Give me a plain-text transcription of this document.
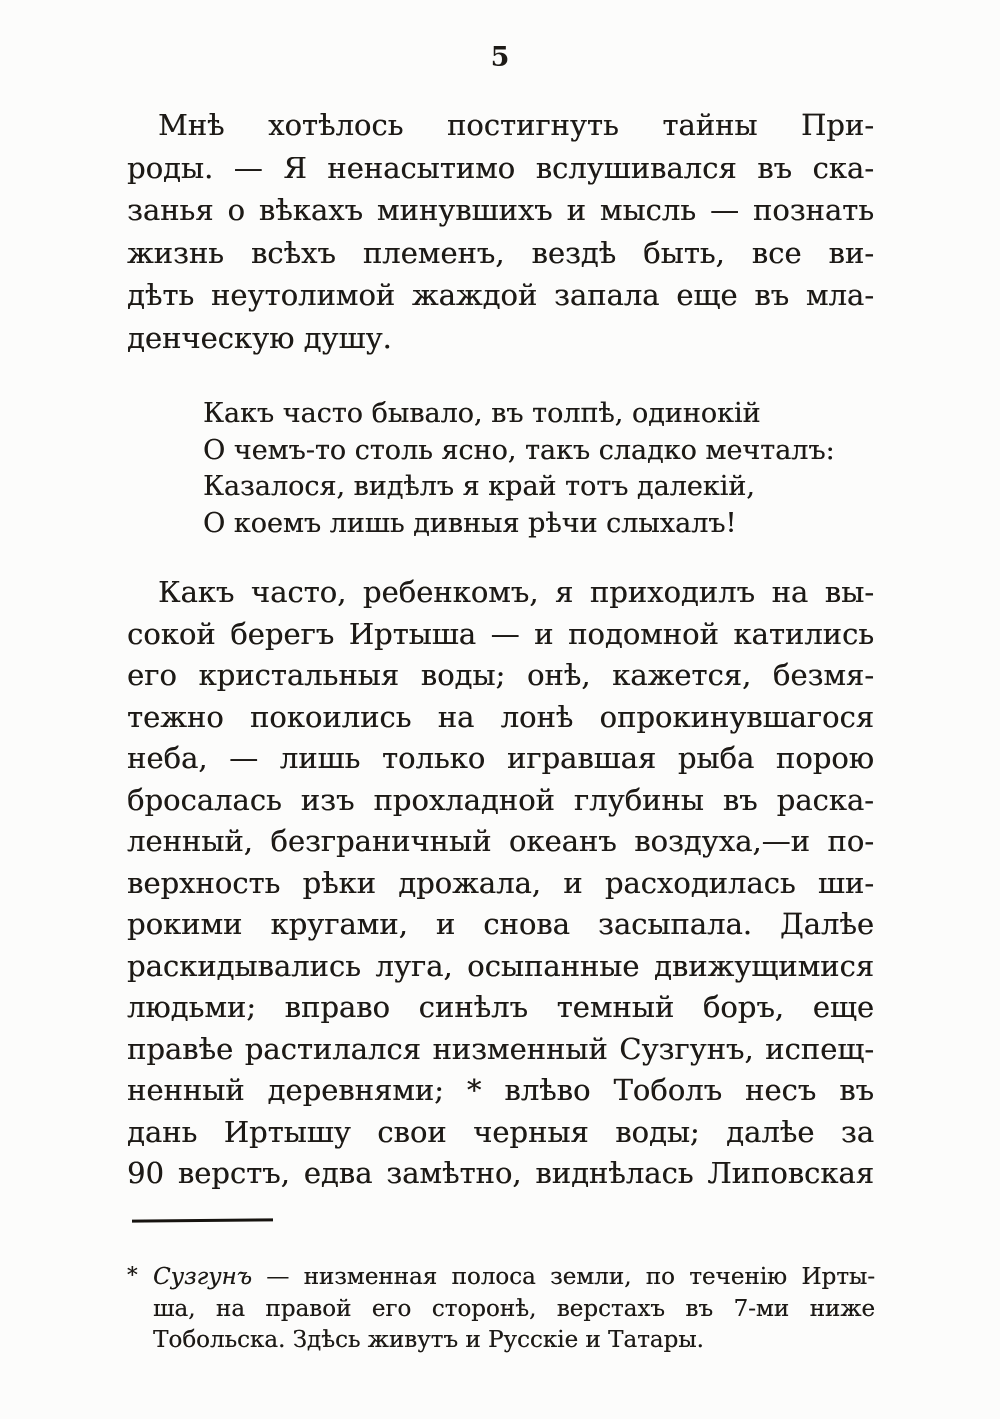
5
Мнѣ хотѣлось постигнуть тайны При-
роды. — Я ненасытимо вслушивался въ ска-
занья о вѣкахъ минувшихъ и мысль — познать
жизнь всѣхъ племенъ, вездѣ быть, все ви-
дѣть неутолимой жаждой запала еще въ мла-
денческую душу.
Какъ часто бывало, въ толпѣ, одинокій
О чемъ-то столь ясно, такъ сладко мечталъ:
Казалося, видѣлъ я край тотъ далекій,
О коемъ лишь дивныя рѣчи слыхалъ!
Какъ часто, ребенкомъ, я приходилъ на вы-
сокой берегъ Иртыша — и подомной катились
его кристальныя воды; онѣ, кажется, безмя-
тежно покоились на лонѣ опрокинувшагося
неба, — лишь только игравшая рыба порою
бросалась изъ прохладной глубины въ раска-
ленный, безграничный океанъ воздуха,—и по-
верхность рѣки дрожала, и расходилась ши-
рокими кругами, и снова засыпала. Далѣе
раскидывались луга, осыпанные движущимися
людьми; вправо синѣлъ темный боръ, еще
правѣе растилался низменный Сузгунъ, испещ-
ненный деревнями; * влѣво Тоболъ несъ въ
дань Иртышу свои черныя воды; далѣе за
90 верстъ, едва замѣтно, виднѣлась Липовская
* Сузгунъ — низменная полоса земли, по теченію Ирты-
ша, на правой его сторонѣ, верстахъ въ 7-ми ниже
Тобольска. Здѣсь живутъ и Русскіе и Татары.
